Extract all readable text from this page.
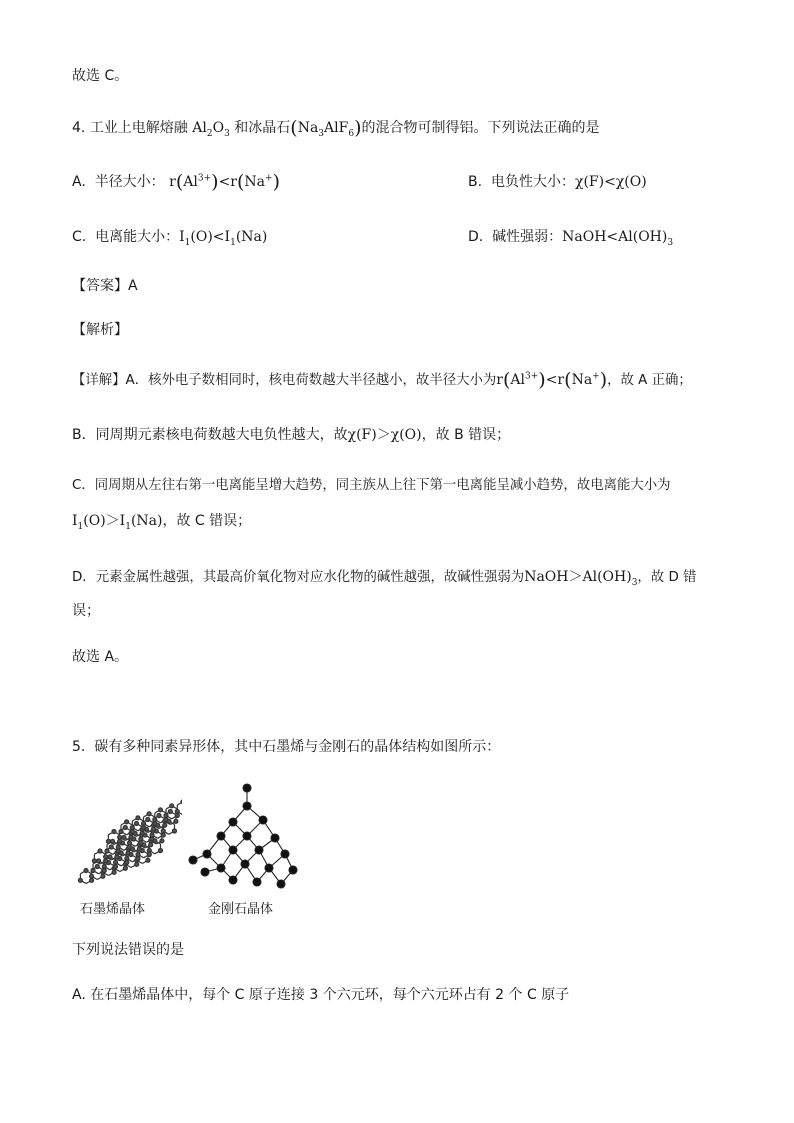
故选 C。
4. 工业上电解熔融 $Al_2O_3$ 和冰晶石$(Na_3AlF_6)$的混合物可制得铝。下列说法正确的是
A. 半径大小： $r(Al^{3+})<r(Na^+)$	B. 电负性大小：χ(F)<χ(O)
C. 电离能大小：$I_1(O)<I_1(Na)$	D. 碱性强弱：$NaOH<Al(OH)_3$
【答案】A
【解析】
【详解】A．核外电子数相同时，核电荷数越大半径越小，故半径大小为$r(Al^{3+})<r(Na^+)$，故 A 正确；
B．同周期元素核电荷数越大电负性越大，故χ(F)＞χ(O)，故 B 错误；
C．同周期从左往右第一电离能呈增大趋势，同主族从上往下第一电离能呈减小趋势，故电离能大小为
$I_1(O)>I_1(Na)$，故 C 错误；
D．元素金属性越强，其最高价氧化物对应水化物的碱性越强，故碱性强弱为$NaOH>Al(OH)_3$，故 D 错
误；
故选 A。
5. 碳有多种同素异形体，其中石墨烯与金刚石的晶体结构如图所示：
石墨烯晶体	金刚石晶体
下列说法错误的是
A. 在石墨烯晶体中，每个 C 原子连接 3 个六元环，每个六元环占有 2 个 C 原子
